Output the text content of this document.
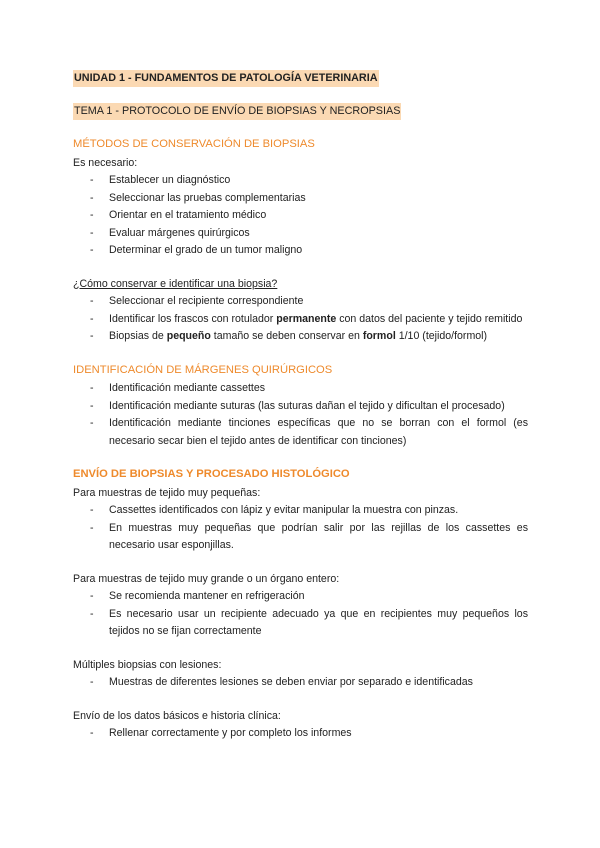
UNIDAD 1 - FUNDAMENTOS DE PATOLOGÍA VETERINARIA
TEMA 1 - PROTOCOLO DE ENVÍO DE BIOPSIAS Y NECROPSIAS
MÉTODOS DE CONSERVACIÓN DE BIOPSIAS

Es necesario:

- Establecer un diagnóstico
- Seleccionar las pruebas complementarias
- Orientar en el tratamiento médico
- Evaluar márgenes quirúrgicos
- Determinar el grado de un tumor maligno

¿Cómo conservar e identificar una biopsia?

- Seleccionar el recipiente correspondiente
- Identificar los frascos con rotulador permanente con datos del paciente y tejido remitido
- Biopsias de pequeño tamaño se deben conservar en formol 1/10 (tejido/formol)
IDENTIFICACIÓN DE MÁRGENES QUIRÚRGICOS
- Identificación mediante cassettes
- Identificación mediante suturas (las suturas dañan el tejido y dificultan el procesado)
- Identificación mediante tinciones específicas que no se borran con el formol (es necesario secar bien el tejido antes de identificar con tinciones)
ENVÍO DE BIOPSIAS Y PROCESADO HISTOLÓGICO

Para muestras de tejido muy pequeñas:

- Cassettes identificados con lápiz y evitar manipular la muestra con pinzas.
- En muestras muy pequeñas que podrían salir por las rejillas de los cassettes es necesario usar esponjillas.

Para muestras de tejido muy grande o un órgano entero:

- Se recomienda mantener en refrigeración
- Es necesario usar un recipiente adecuado ya que en recipientes muy pequeños los tejidos no se fijan correctamente

Múltiples biopsias con lesiones:

- Muestras de diferentes lesiones se deben enviar por separado e identificadas

Envío de los datos básicos e historia clínica:

- Rellenar correctamente y por completo los informes
